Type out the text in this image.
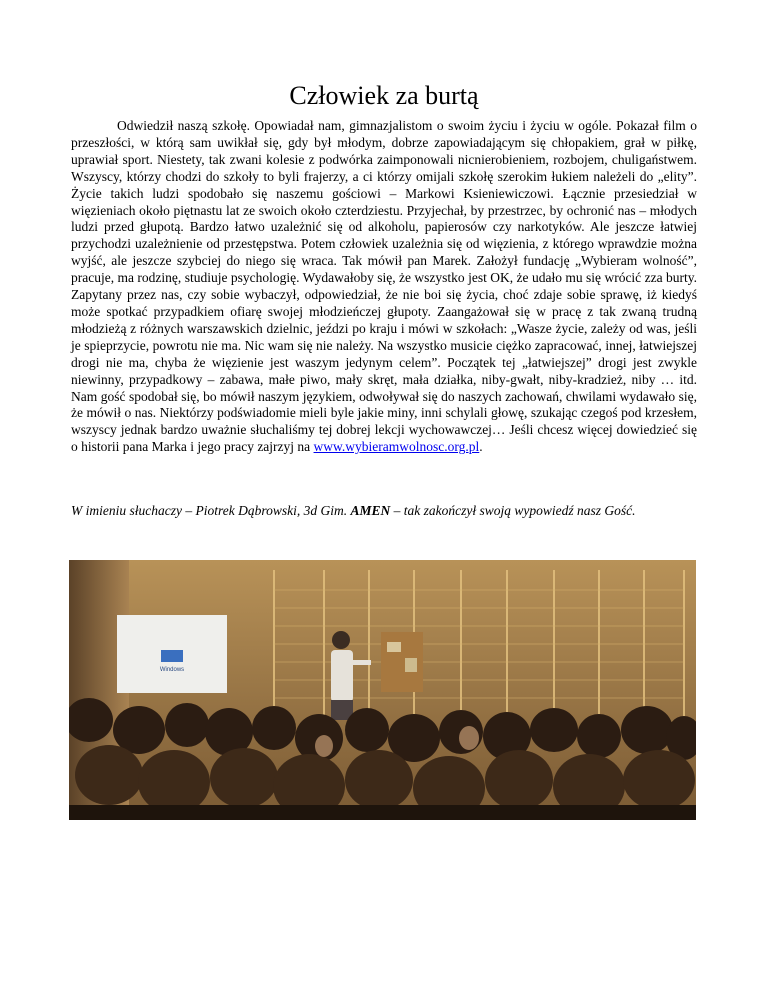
Człowiek za burtą

Odwiedził naszą szkołę. Opowiadał nam, gimnazjalistom o swoim życiu i życiu w ogóle. Pokazał film o przeszłości, w którą sam uwikłał się, gdy był młodym, dobrze zapowiadającym się chłopakiem, grał w piłkę, uprawiał sport. Niestety, tak zwani kolesie z podwórka zaimponowali nicnierobieniem, rozbojem, chuligaństwem. Wszyscy, którzy chodzi do szkoły to byli frajerzy, a ci którzy omijali szkołę szerokim łukiem należeli do „elity”. Życie takich ludzi spodobało się naszemu gościowi – Markowi Ksieniewiczowi. Łącznie przesiedział w więzieniach około piętnastu lat ze swoich około czterdziestu. Przyjechał, by przestrzec, by ochronić nas – młodych ludzi przed głupotą. Bardzo łatwo uzależnić się od alkoholu, papierosów czy narkotyków. Ale jeszcze łatwiej przychodzi uzależnienie od przestępstwa. Potem człowiek uzależnia się od więzienia, z którego wprawdzie można wyjść, ale jeszcze szybciej do niego się wraca. Tak mówił pan Marek. Założył fundację „Wybieram wolność”, pracuje, ma rodzinę, studiuje psychologię. Wydawałoby się, że wszystko jest OK, że udało mu się wrócić zza burty. Zapytany przez nas, czy sobie wybaczył, odpowiedział, że nie boi się życia, choć zdaje sobie sprawę, iż kiedyś może spotkać przypadkiem ofiarę swojej młodzieńczej głupoty. Zaangażował się w pracę z tak zwaną trudną młodzieżą z różnych warszawskich dzielnic, jeździ po kraju i mówi w szkołach: „Wasze życie, zależy od was, jeśli je spieprzycie, powrotu nie ma. Nic wam się nie należy. Na wszystko musicie ciężko zapracować, innej, łatwiejszej drogi nie ma, chyba że więzienie jest waszym jedynym celem”. Początek tej „łatwiejszej” drogi jest zwykle niewinny, przypadkowy – zabawa, małe piwo, mały skręt, mała działka, niby-gwałt, niby-kradzież, niby … itd. Nam gość spodobał się, bo mówił naszym językiem, odwoływał się do naszych zachowań, chwilami wydawało się, że mówił o nas. Niektórzy podświadomie mieli byle jakie miny, inni schylali głowę, szukając czegoś pod krzesłem, wszyscy jednak bardzo uważnie słuchaliśmy tej dobrej lekcji wychowawczej… Jeśli chcesz więcej dowiedzieć się o historii pana Marka i jego pracy zajrzyj na www.wybieramwolnosc.org.pl.

W imieniu słuchaczy – Piotrek Dąbrowski, 3d Gim. AMEN – tak zakończył swoją wypowiedź nasz Gość.

Windows
